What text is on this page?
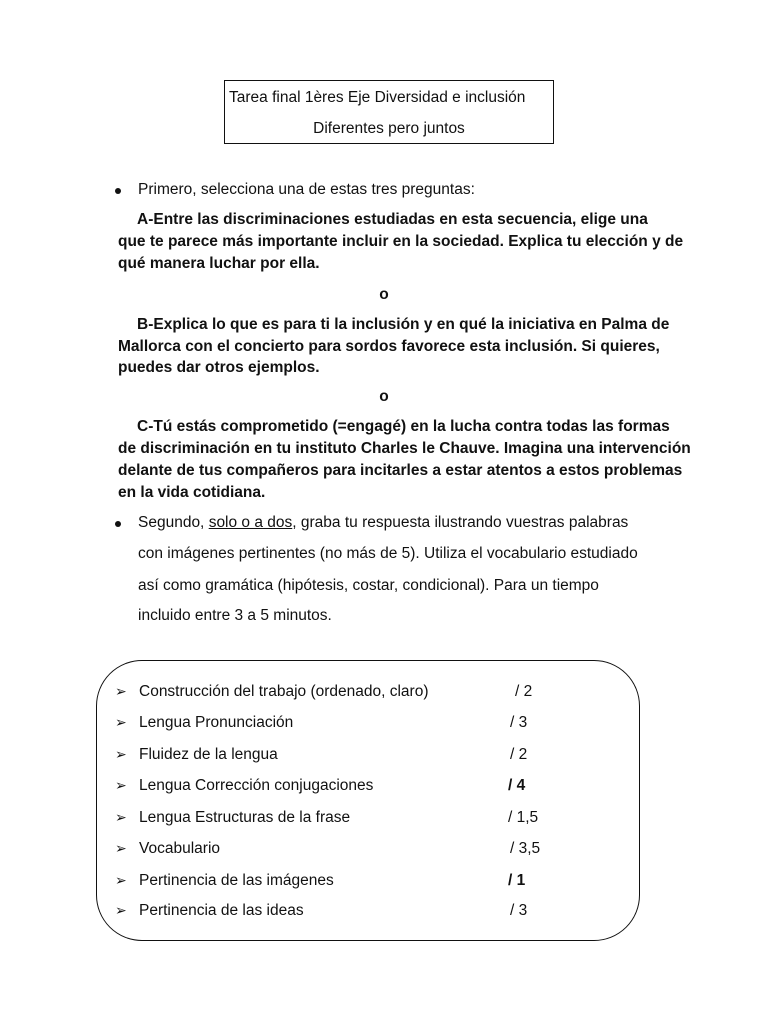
Tarea final 1ères Eje Diversidad e inclusión
Diferentes pero juntos
Primero, selecciona una de estas tres preguntas:
A-Entre las discriminaciones estudiadas en esta secuencia, elige una
que te parece más importante incluir en la sociedad. Explica tu elección y de
qué manera luchar por ella.
o
B-Explica lo que es para ti la inclusión y en qué la iniciativa en Palma de
Mallorca con el concierto para sordos favorece esta inclusión. Si quieres,
puedes dar otros ejemplos.
o
C-Tú estás comprometido (=engagé) en la lucha contra todas las formas
de discriminación en tu instituto Charles le Chauve. Imagina una intervención
delante de tus compañeros para incitarles a estar atentos a estos problemas
en la vida cotidiana.
Segundo, solo o a dos, graba tu respuesta ilustrando vuestras palabras
con imágenes pertinentes (no más de 5). Utiliza el vocabulario estudiado
así como gramática (hipótesis, costar, condicional). Para un tiempo
incluido entre 3 a 5 minutos.
➢ Construcción del trabajo (ordenado, claro)	/ 2
➢ Lengua Pronunciación	/ 3
➢ Fluidez de la lengua	/ 2
➢ Lengua Corrección conjugaciones	/ 4
➢ Lengua Estructuras de la frase	/ 1,5
➢ Vocabulario	/ 3,5
➢ Pertinencia de las imágenes	/ 1
➢ Pertinencia de las ideas	/ 3
